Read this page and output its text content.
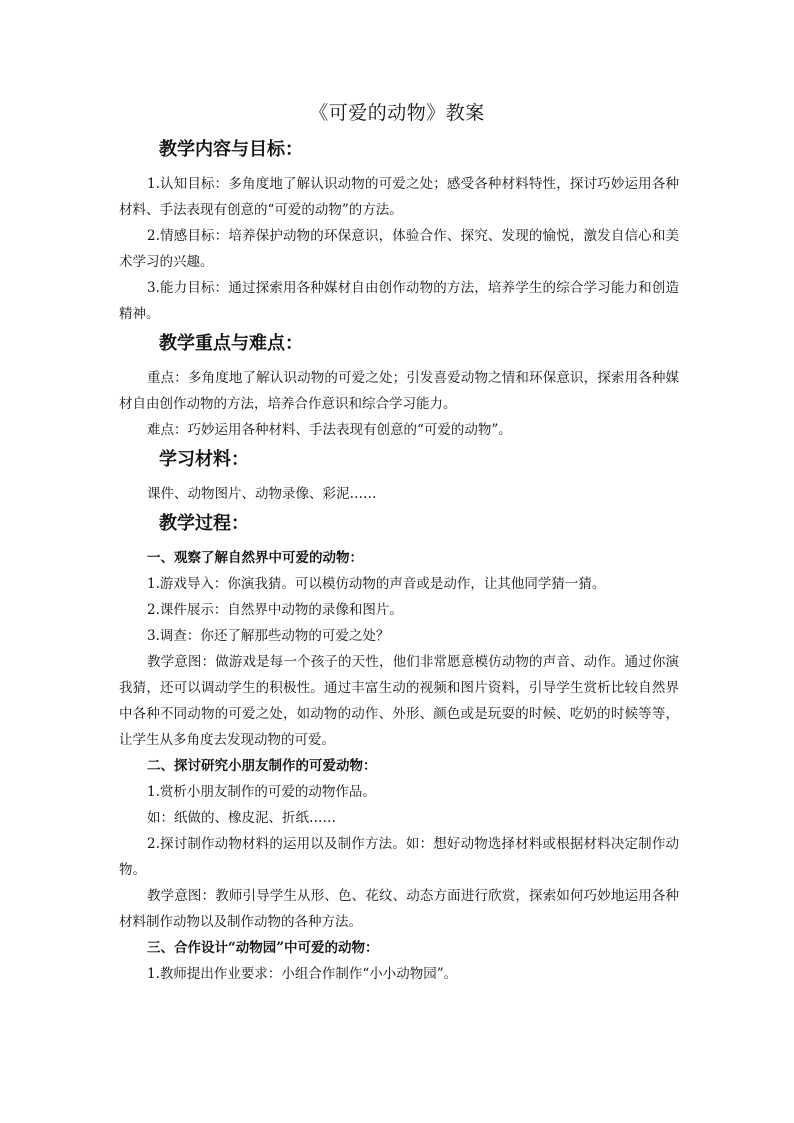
《可爱的动物》教案
教学内容与目标：

1.认知目标：多角度地了解认识动物的可爱之处；感受各种材料特性，探讨巧妙运用各种材料、手法表现有创意的“可爱的动物”的方法。

2.情感目标：培养保护动物的环保意识，体验合作、探究、发现的愉悦，激发自信心和美术学习的兴趣。

3.能力目标：通过探索用各种媒材自由创作动物的方法，培养学生的综合学习能力和创造精神。

教学重点与难点：

重点：多角度地了解认识动物的可爱之处；引发喜爱动物之情和环保意识，探索用各种媒材自由创作动物的方法，培养合作意识和综合学习能力。

难点：巧妙运用各种材料、手法表现有创意的“可爱的动物”。

学习材料：

课件、动物图片、动物录像、彩泥……

教学过程：

一、观察了解自然界中可爱的动物：

1.游戏导入：你演我猜。可以模仿动物的声音或是动作，让其他同学猜一猜。

2.课件展示：自然界中动物的录像和图片。

3.调查：你还了解那些动物的可爱之处？

教学意图：做游戏是每一个孩子的天性，他们非常愿意模仿动物的声音、动作。通过你演我猜，还可以调动学生的积极性。通过丰富生动的视频和图片资料，引导学生赏析比较自然界中各种不同动物的可爱之处，如动物的动作、外形、颜色或是玩耍的时候、吃奶的时候等等，让学生从多角度去发现动物的可爱。

二、探讨研究小朋友制作的可爱动物：

1.赏析小朋友制作的可爱的动物作品。

如：纸做的、橡皮泥、折纸……

2.探讨制作动物材料的运用以及制作方法。如：想好动物选择材料或根据材料决定制作动物。

教学意图：教师引导学生从形、色、花纹、动态方面进行欣赏，探索如何巧妙地运用各种材料制作动物以及制作动物的各种方法。

三、合作设计“动物园”中可爱的动物：

1.教师提出作业要求：小组合作制作“小小动物园”。
